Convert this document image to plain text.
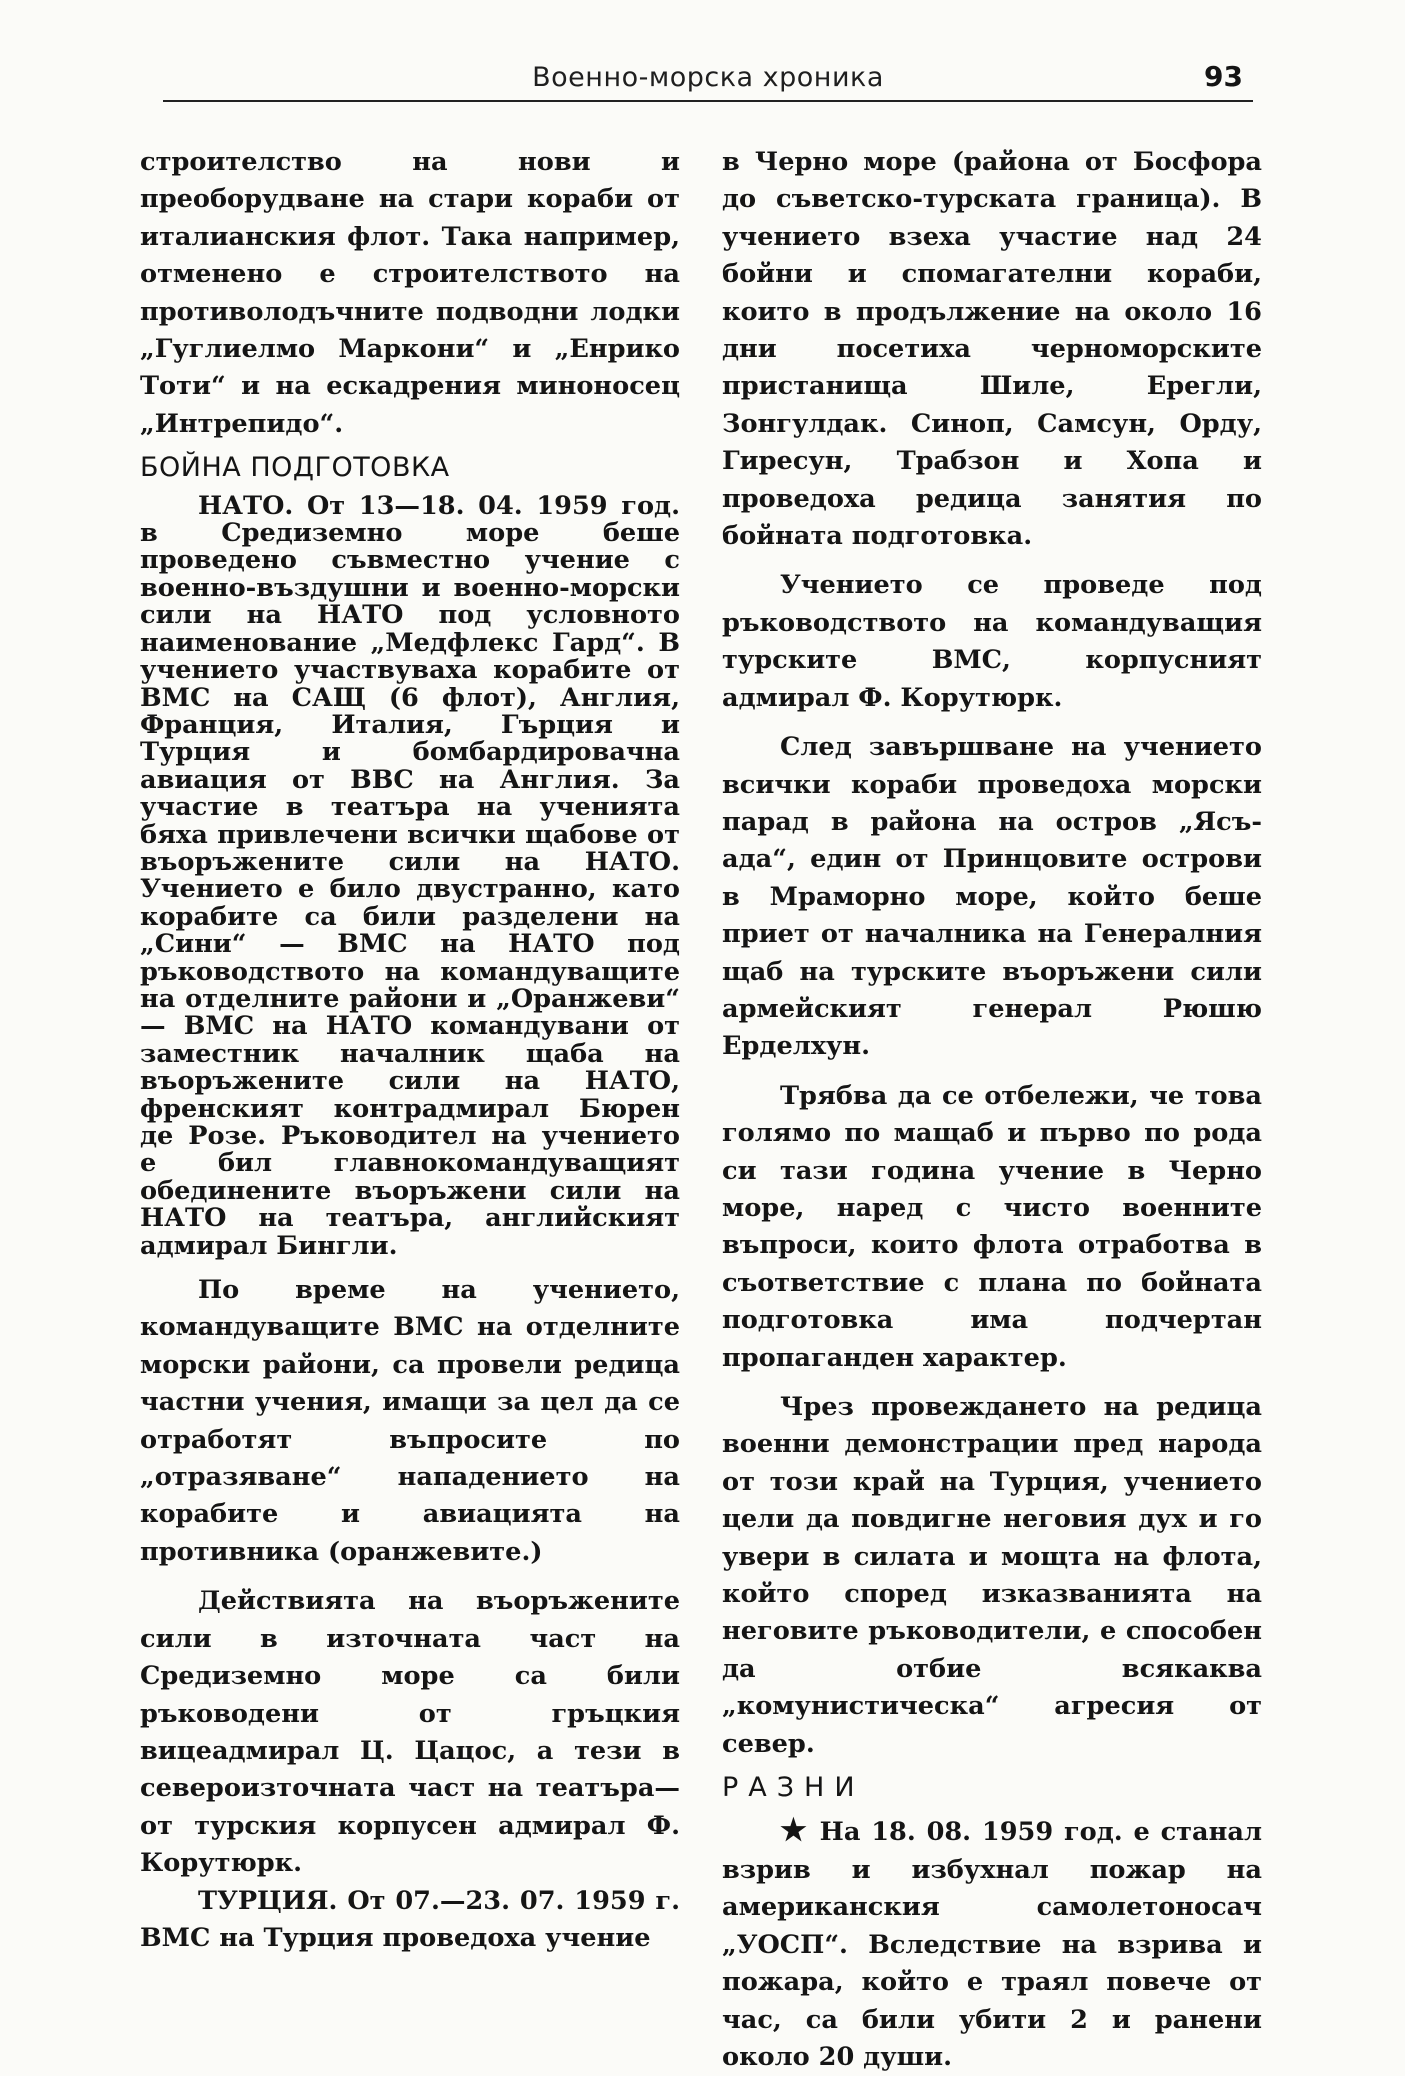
Военно-морска хроника	93

строителство на нови и преоборудване на стари кораби от италианския флот. Така например, отменено е строителството на противолодъчните подводни лодки „Гуглиелмо Маркони“ и „Енрико Тоти“ и на ескадрения миноносец „Интрепидо“.

БОЙНА ПОДГОТОВКА

НАТО. От 13—18. 04. 1959 год. в Средиземно море беше проведено съвместно учение с военно-въздушни и военно-морски сили на НАТО под условното наименование „Медфлекс Гард“. В учението участвуваха корабите от ВМС на САЩ (6 флот), Англия, Франция, Италия, Гърция и Турция и бомбардировачна авиация от ВВС на Англия. За участие в театъра на ученията бяха привлечени всички щабове от въоръжените сили на НАТО. Учението е било двустранно, като корабите са били разделени на „Сини“ — ВМС на НАТО под ръководството на командуващите на отделните райони и „Оранжеви“ — ВМС на НАТО командувани от заместник началник щаба на въоръжените сили на НАТО, френският контрадмирал Бюрен де Розе. Ръководител на учението е бил главнокомандуващият обединените въоръжени сили на НАТО на театъра, английският адмирал Бингли.

По време на учението, командуващите ВМС на отделните морски райони, са провели редица частни учения, имащи за цел да се отработят въпросите по „отразяване“ нападението на корабите и авиацията на противника (оранжевите.)

Действията на въоръжените сили в източната част на Средиземно море са били ръководени от гръцкия вицеадмирал Ц. Цацос, а тези в североизточната част на театъра—от турския корпусен адмирал Ф. Корутюрк.

ТУРЦИЯ. От 07.—23. 07. 1959 г. ВМС на Турция проведоха учение

в Черно море (района от Босфора до съветско-турската граница). В учението взеха участие над 24 бойни и спомагателни кораби, които в продължение на около 16 дни посетиха черноморските пристанища Шиле, Ерегли, Зонгулдак. Синоп, Самсун, Орду, Гиресун, Трабзон и Хопа и проведоха редица занятия по бойната подготовка.

Учението се проведе под ръководството на командуващия турските ВМС, корпусният адмирал Ф. Корутюрк.

След завършване на учението всички кораби проведоха морски парад в района на остров „Ясъ-ада“, един от Принцовите острови в Мраморно море, който беше приет от началника на Генералния щаб на турските въоръжени сили армейският генерал Рюшю Ерделхун.

Трябва да се отбележи, че това голямо по мащаб и първо по рода си тази година учение в Черно море, наред с чисто военните въпроси, които флота отработва в съответствие с плана по бойната подготовка има подчертан пропаганден характер.

Чрез провеждането на редица военни демонстрации пред народа от този край на Турция, учението цели да повдигне неговия дух и го увери в силата и мощта на флота, който според изказванията на неговите ръководители, е способен да отбие всякаква „комунистическа“ агресия от север.

РАЗНИ

★ На 18. 08. 1959 год. е станал взрив и избухнал пожар на американския самолетоносач „УОСП“. Вследствие на взрива и пожара, който е траял повече от час, са били убити 2 и ранени около 20 души.
